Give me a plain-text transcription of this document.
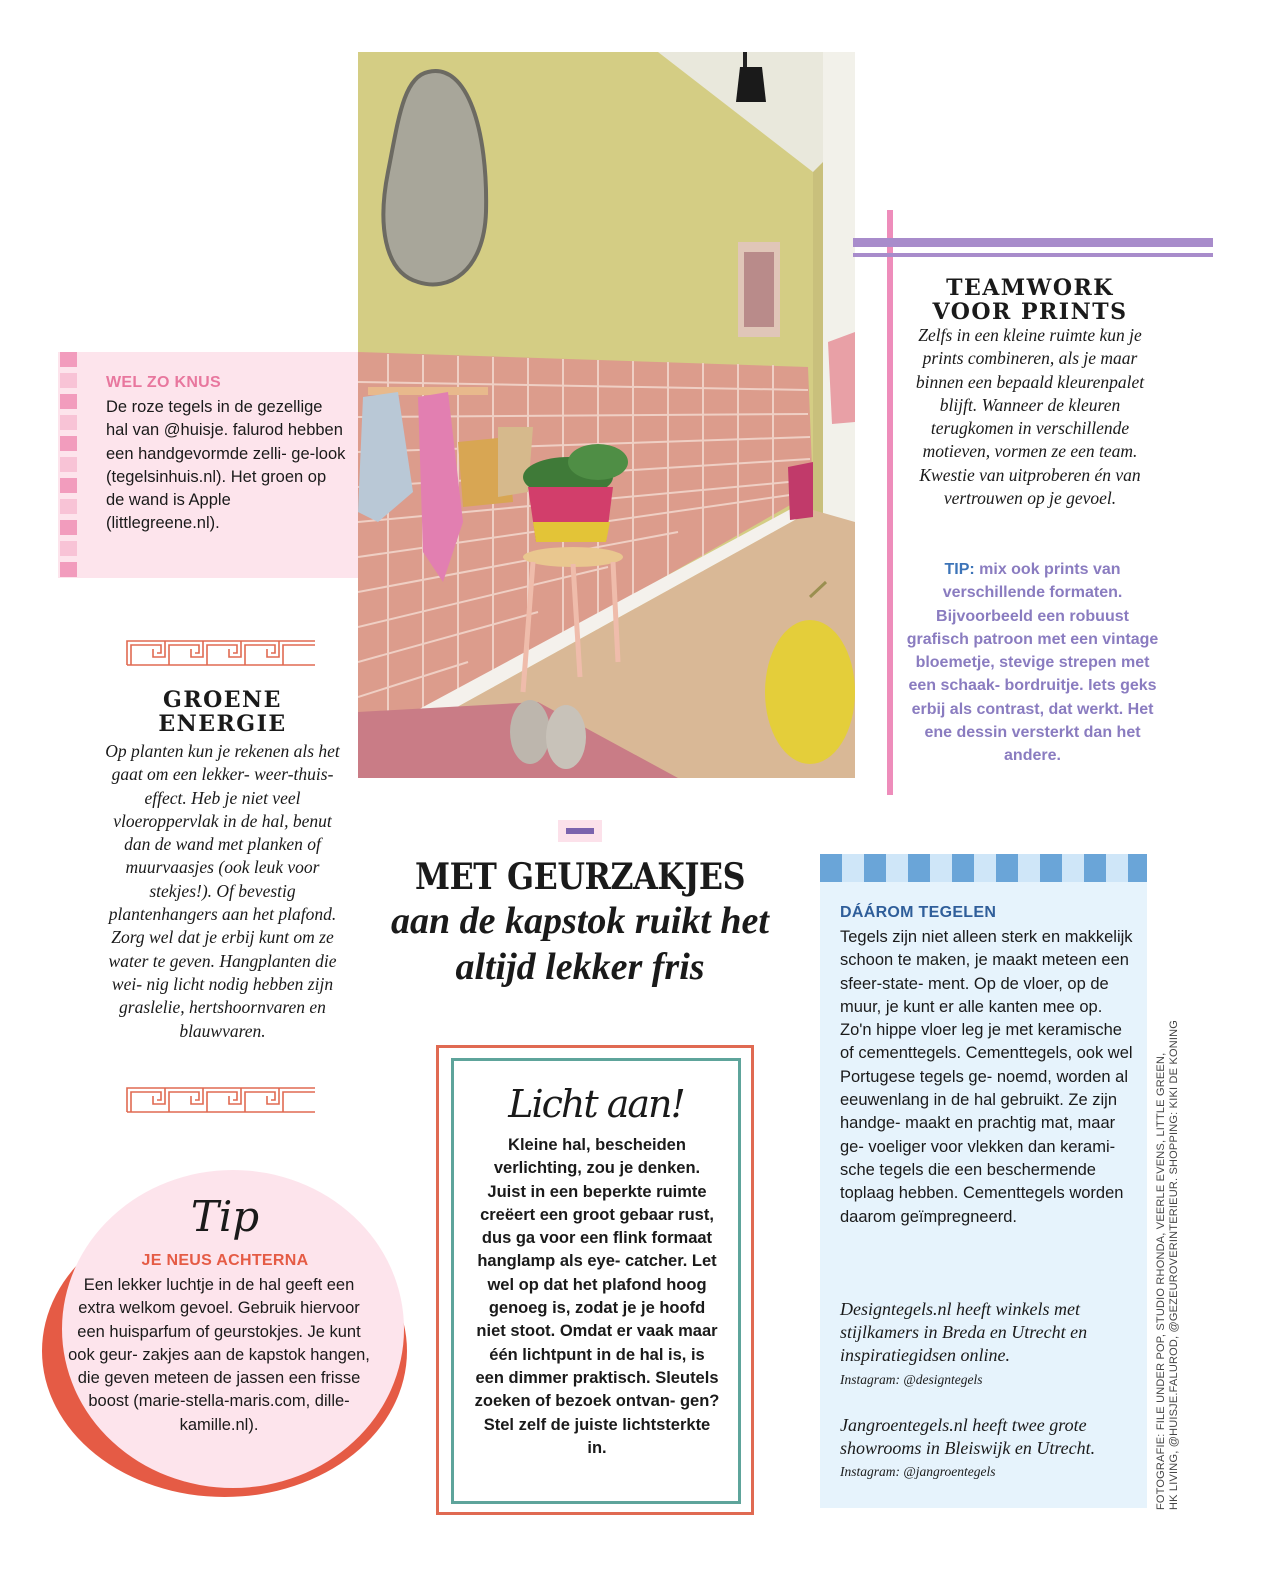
WEL ZO KNUS
De roze tegels in de gezellige hal van @huisje. falurod hebben een handgevormde zelli- ge-look (tegelsinhuis.nl). Het groen op de wand is Apple (littlegreene.nl).
GROENE
ENERGIE
Op planten kun je rekenen als het gaat om een lekker- weer-thuis-effect. Heb je niet veel vloeroppervlak in de hal, benut dan de wand met planken of muurvaasjes (ook leuk voor stekjes!). Of bevestig plantenhangers aan het plafond. Zorg wel dat je erbij kunt om ze water te geven. Hangplanten die wei- nig licht nodig hebben zijn graslelie, hertshoornvaren en blauwvaren.
TEAMWORK
VOOR PRINTS
Zelfs in een kleine ruimte kun je prints combineren, als je maar binnen een bepaald kleurenpalet blijft. Wanneer de kleuren terugkomen in verschillende motieven, vormen ze een team. Kwestie van uitproberen én van vertrouwen op je gevoel.
TIP: mix ook prints van verschillende formaten. Bijvoorbeeld een robuust grafisch patroon met een vintage bloemetje, stevige strepen met een schaak- bordruitje. Iets geks erbij als contrast, dat werkt. Het ene dessin versterkt dan het andere.
MET GEURZAKJES
aan de kapstok ruikt het
altijd lekker fris
Licht aan!
Kleine hal, bescheiden verlichting, zou je denken. Juist in een beperkte ruimte creëert een groot gebaar rust, dus ga voor een flink formaat hanglamp als eye- catcher. Let wel op dat het plafond hoog genoeg is, zodat je je hoofd niet stoot. Omdat er vaak maar één lichtpunt in de hal is, is een dimmer praktisch. Sleutels zoeken of bezoek ontvan- gen? Stel zelf de juiste lichtsterkte in.
Tip
JE NEUS ACHTERNA
Een lekker luchtje in de hal geeft een extra welkom gevoel. Gebruik hiervoor een huisparfum of geurstokjes. Je kunt ook geur- zakjes aan de kapstok hangen, die geven meteen de jassen een frisse boost (marie-stella-maris.com, dille-kamille.nl).
DÁÁROM TEGELEN
Tegels zijn niet alleen sterk en makkelijk schoon te maken, je maakt meteen een sfeer-state- ment. Op de vloer, op de muur, je kunt er alle kanten mee op. Zo'n hippe vloer leg je met keramische of cementtegels. Cementtegels, ook wel Portugese tegels ge- noemd, worden al eeuwenlang in de hal gebruikt. Ze zijn handge- maakt en prachtig mat, maar ge- voeliger voor vlekken dan kerami- sche tegels die een beschermende toplaag hebben. Cementtegels worden daarom geïmpregneerd.
Designtegels.nl heeft winkels met stijlkamers in Breda en Utrecht en inspiratiegidsen online.
Instagram: @designtegels
Jangroentegels.nl heeft twee grote showrooms in Bleiswijk en Utrecht.
Instagram: @jangroentegels	FOTOGRAFIE: FILE UNDER POP, STUDIO RHONDA, VEERLE EVENS, LITTLE GREEN, HK LIVING, @HUISJE.FALUROD, @GEZEUROVERINTERIEUR. SHOPPING: KIKI DE KONING
